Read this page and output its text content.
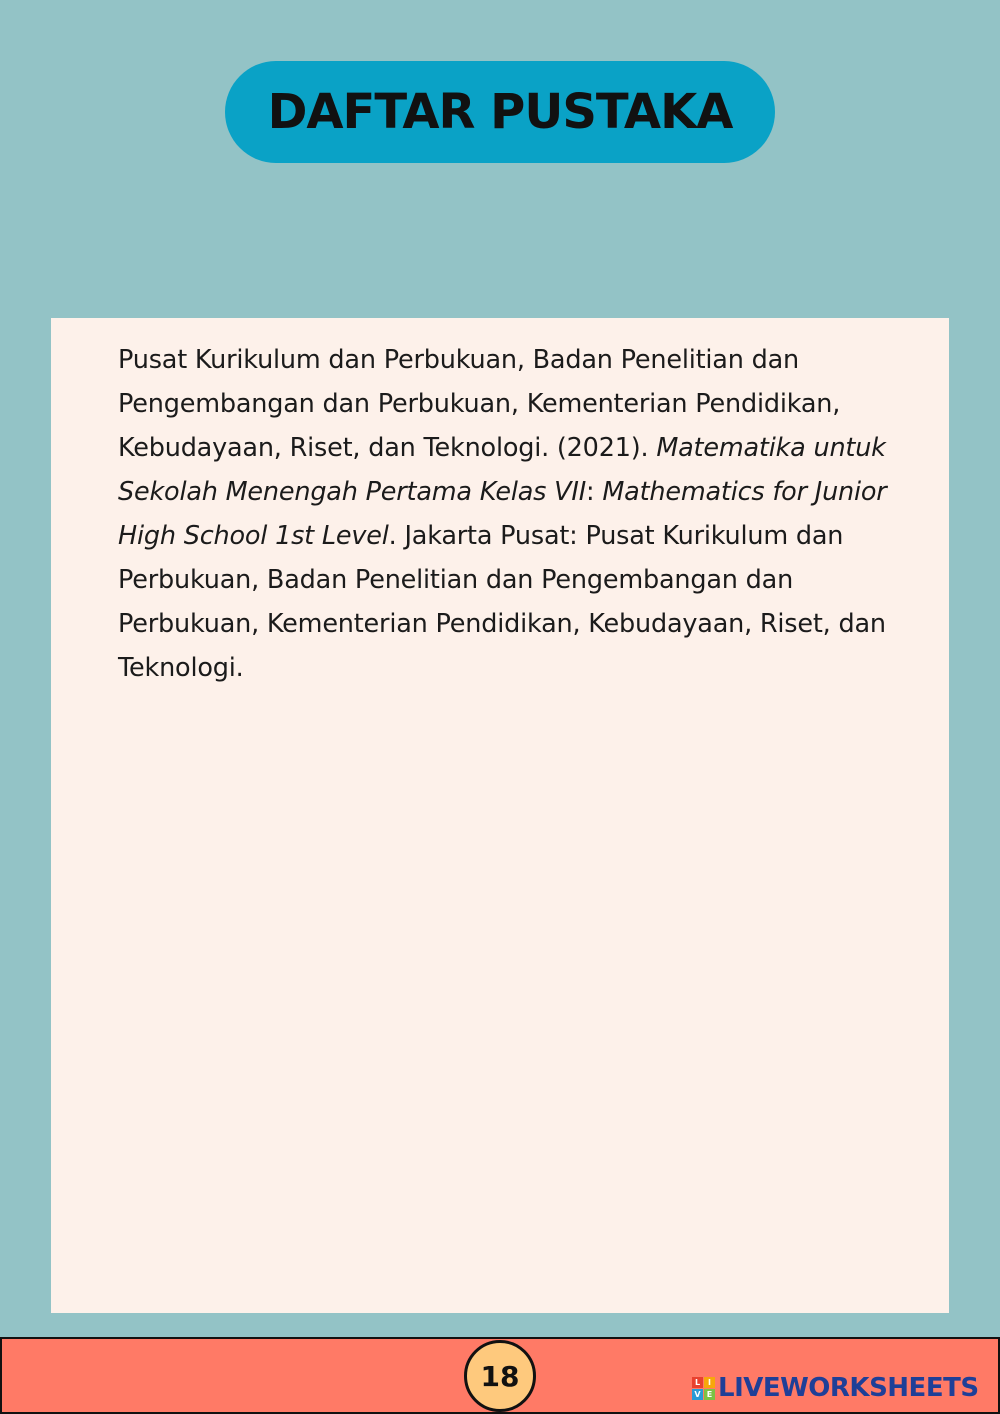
DAFTAR PUSTAKA

Pusat Kurikulum dan Perbukuan, Badan Penelitian dan Pengembangan dan Perbukuan, Kementerian Pendidikan, Kebudayaan, Riset, dan Teknologi. (2021). Matematika untuk Sekolah Menengah Pertama Kelas VII: Mathematics for Junior High School 1st Level. Jakarta Pusat: Pusat Kurikulum dan Perbukuan, Badan Penelitian dan Pengembangan dan Perbukuan, Kementerian Pendidikan, Kebudayaan, Riset, dan Teknologi.

18	L I
V E LIVEWORKSHEETS
